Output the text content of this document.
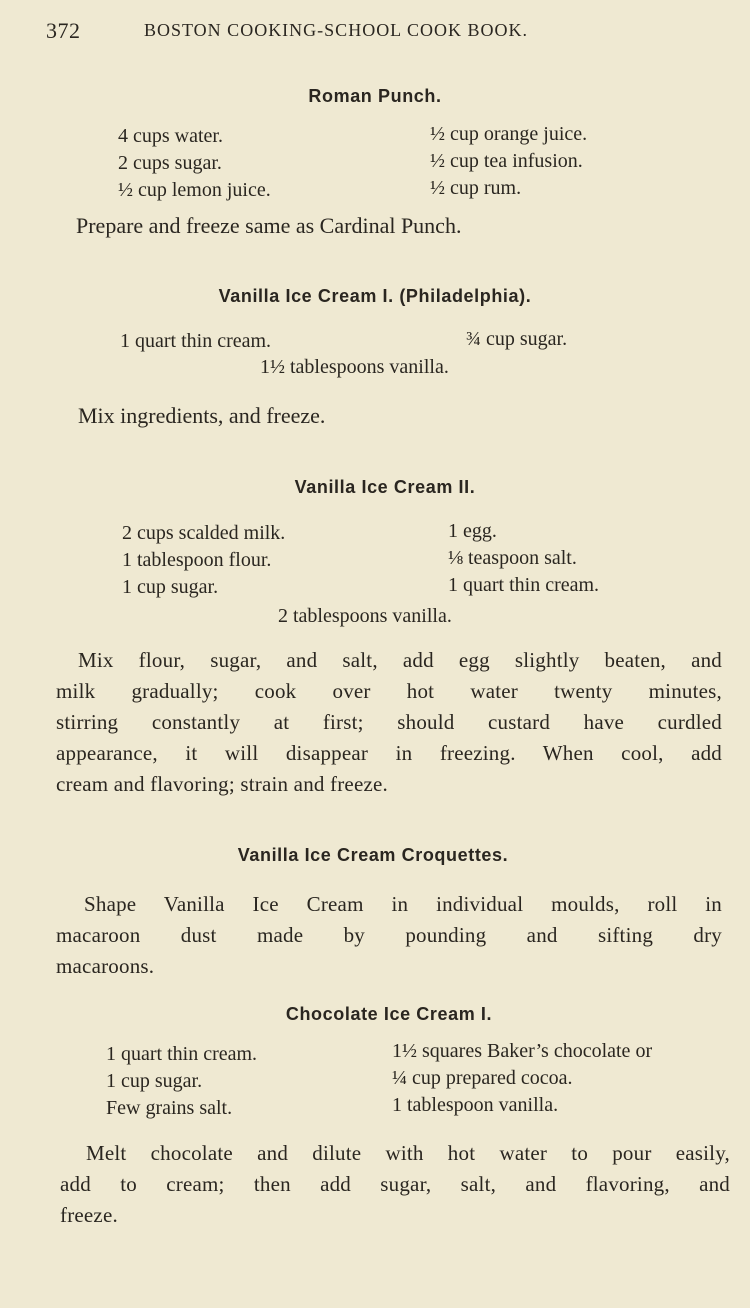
372	BOSTON COOKING-SCHOOL COOK BOOK.
Roman Punch.
4 cups water.
2 cups sugar.
½ cup lemon juice.
½ cup orange juice.
½ cup tea infusion.
½ cup rum.
Prepare and freeze same as Cardinal Punch.
Vanilla Ice Cream I. (Philadelphia).
1 quart thin cream.	¾ cup sugar.
1½ tablespoons vanilla.
Mix ingredients, and freeze.
Vanilla Ice Cream II.
2 cups scalded milk.
1 tablespoon flour.
1 cup sugar.
1 egg.
⅛ teaspoon salt.
1 quart thin cream.
2 tablespoons vanilla.
Mix flour, sugar, and salt, add egg slightly beaten, and
milk gradually; cook over hot water twenty minutes,
stirring constantly at first; should custard have curdled
appearance, it will disappear in freezing. When cool, add
cream and flavoring; strain and freeze.
Vanilla Ice Cream Croquettes.
Shape Vanilla Ice Cream in individual moulds, roll in
macaroon dust made by pounding and sifting dry
macaroons.
Chocolate Ice Cream I.
1 quart thin cream.
1 cup sugar.
Few grains salt.
1½ squares Baker’s chocolate or
¼ cup prepared cocoa.
1 tablespoon vanilla.
Melt chocolate and dilute with hot water to pour easily,
add to cream; then add sugar, salt, and flavoring, and
freeze.
